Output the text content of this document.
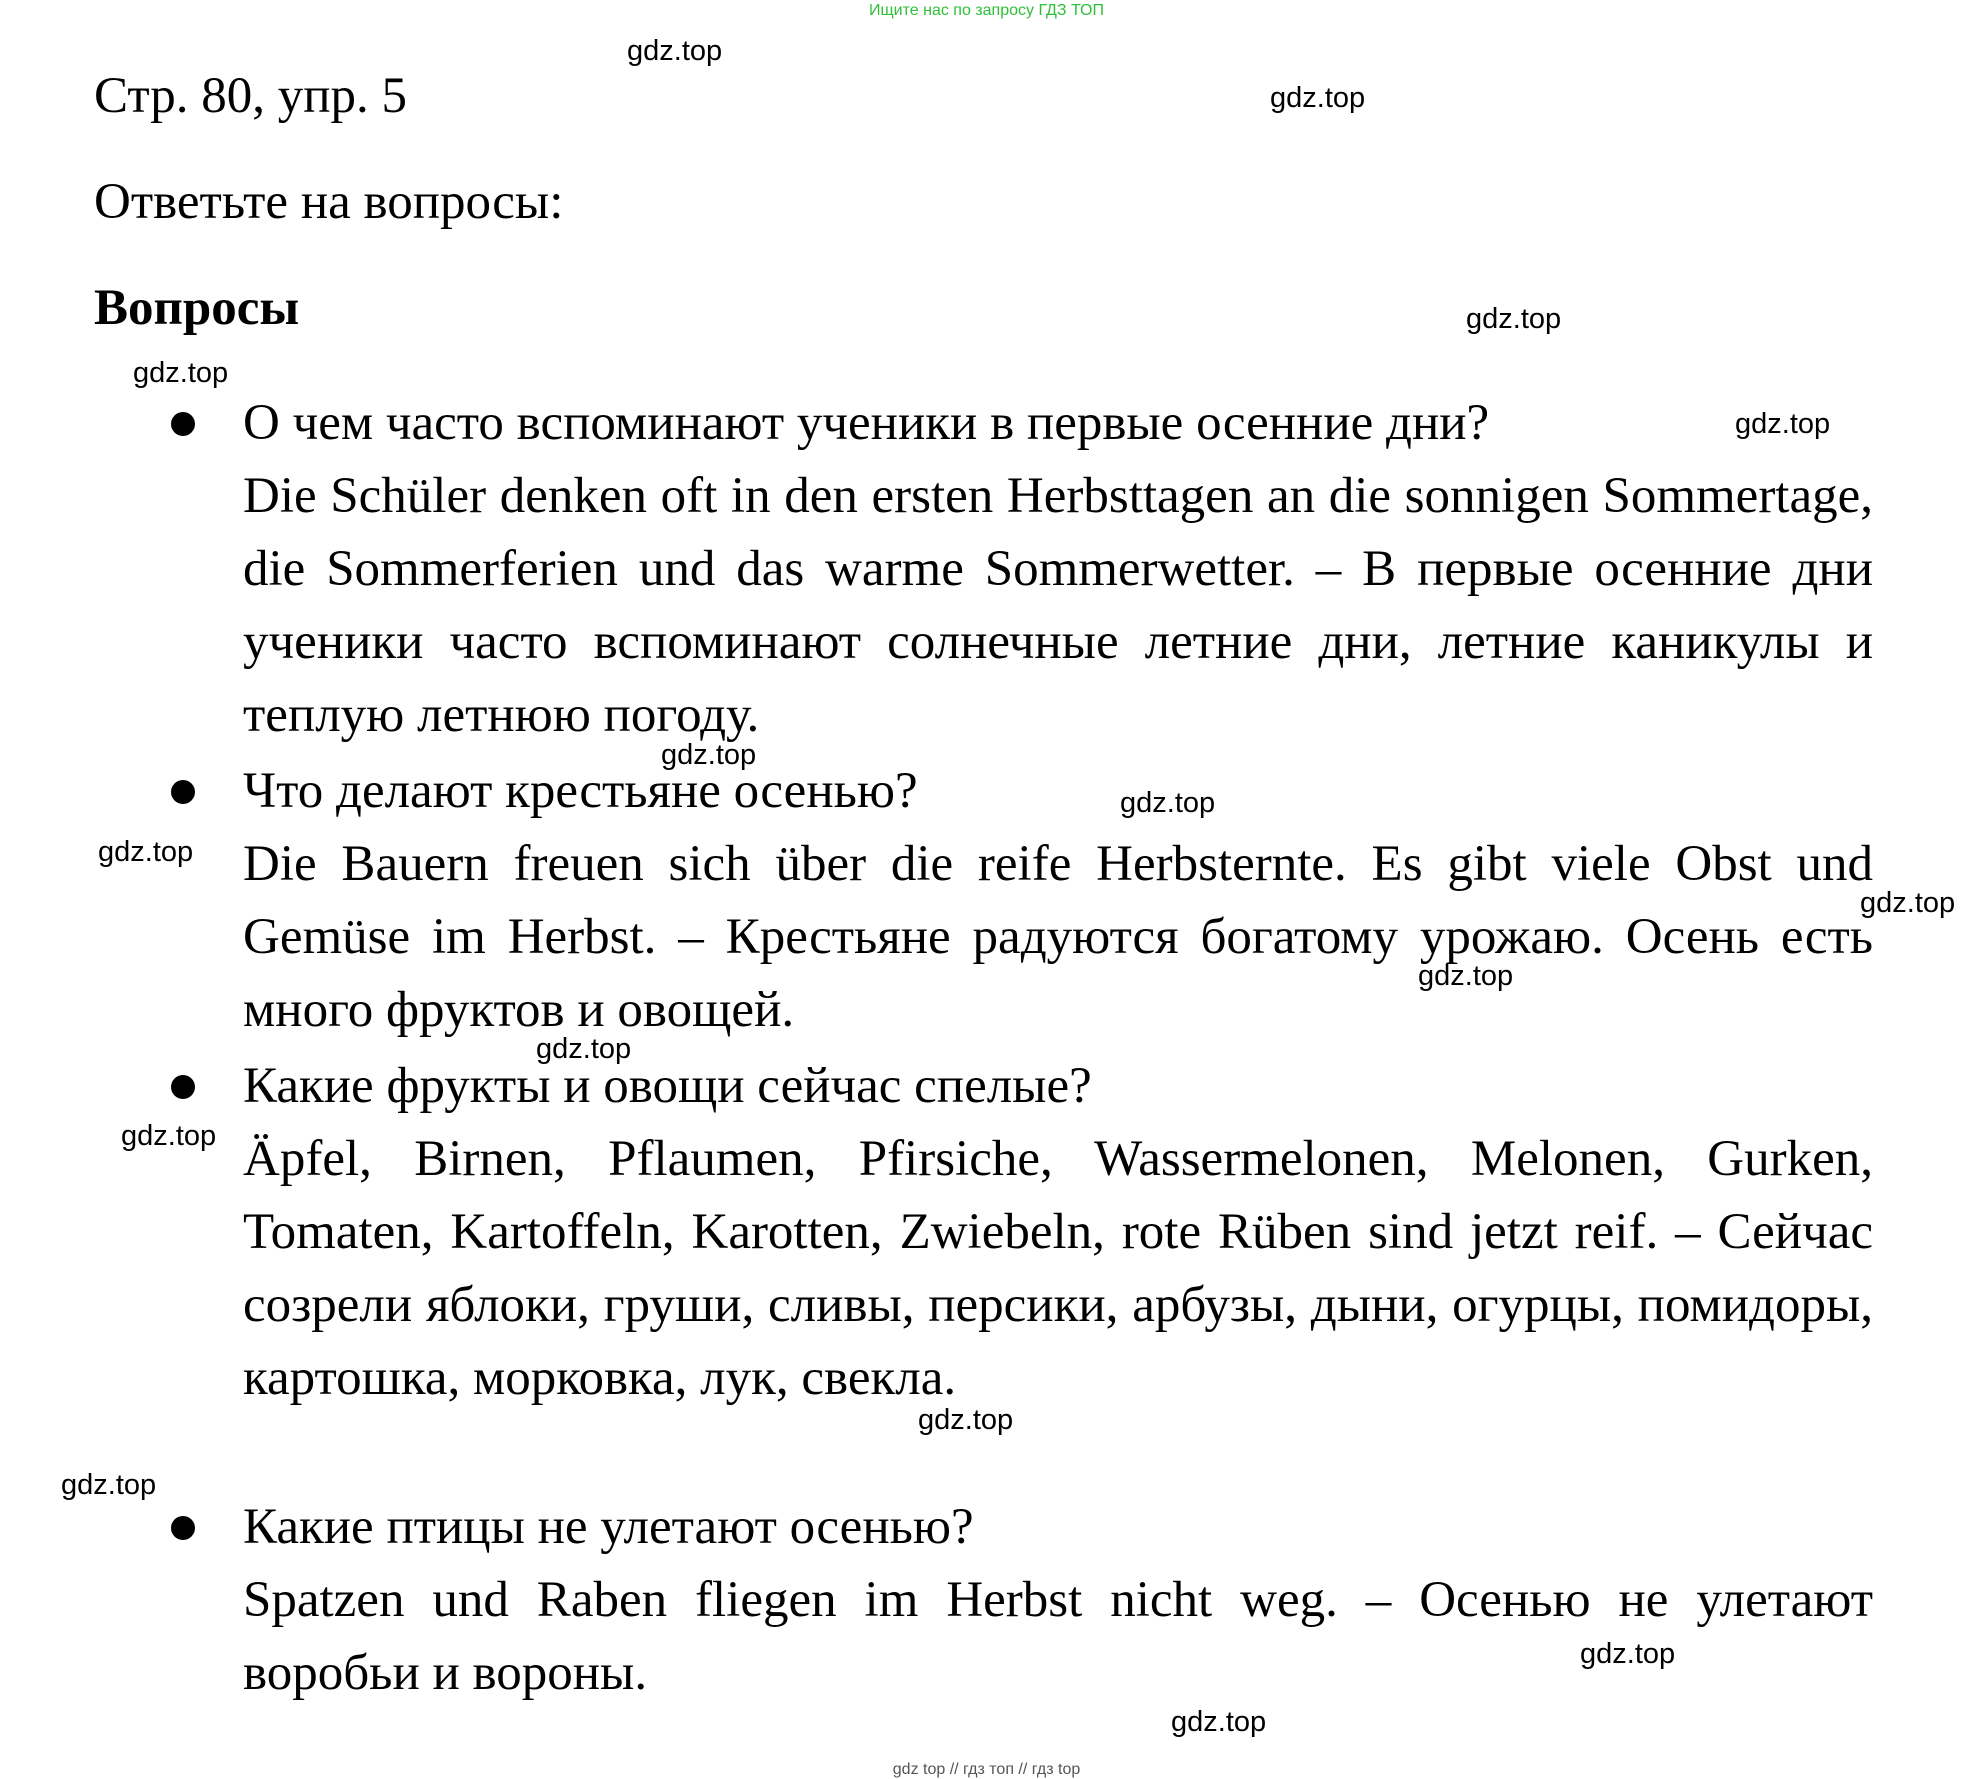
Ищите нас по запросу ГДЗ ТОП
Стр. 80, упр. 5
Ответьте на вопросы:
Вопросы
О чем часто вспоминают ученики в первые осенние дни?
Die Schüler denken oft in den ersten Herbsttagen an die sonnigen Sommertage, die Sommerferien und das warme Sommerwetter. – В первые осенние дни ученики часто вспоминают солнечные летние дни, летние каникулы и теплую летнюю погоду.
Что делают крестьяне осенью?
Die Bauern freuen sich über die reife Herbsternte. Es gibt viele Obst und Gemüse im Herbst. – Крестьяне радуются богатому урожаю. Осень есть много фруктов и овощей.
Какие фрукты и овощи сейчас спелые?
Äpfel, Birnen, Pflaumen, Pfirsiche, Wassermelonen, Melonen, Gurken, Tomaten, Kartoffeln, Karotten, Zwiebeln, rote Rüben sind jetzt reif. – Сейчас созрели яблоки, груши, сливы, персики, арбузы, дыни, огурцы, помидоры, картошка, морковка, лук, свекла.
Какие птицы не улетают осенью?
Spatzen und Raben fliegen im Herbst nicht weg. – Осенью не улетают воробьи и вороны.
gdz.top
gdz.top
gdz.top
gdz.top
gdz.top
gdz.top
gdz.top
gdz.top
gdz.top
gdz.top
gdz.top
gdz.top
gdz.top
gdz.top
gdz.top
gdz.top
gdz top // гдз топ // гдз top
